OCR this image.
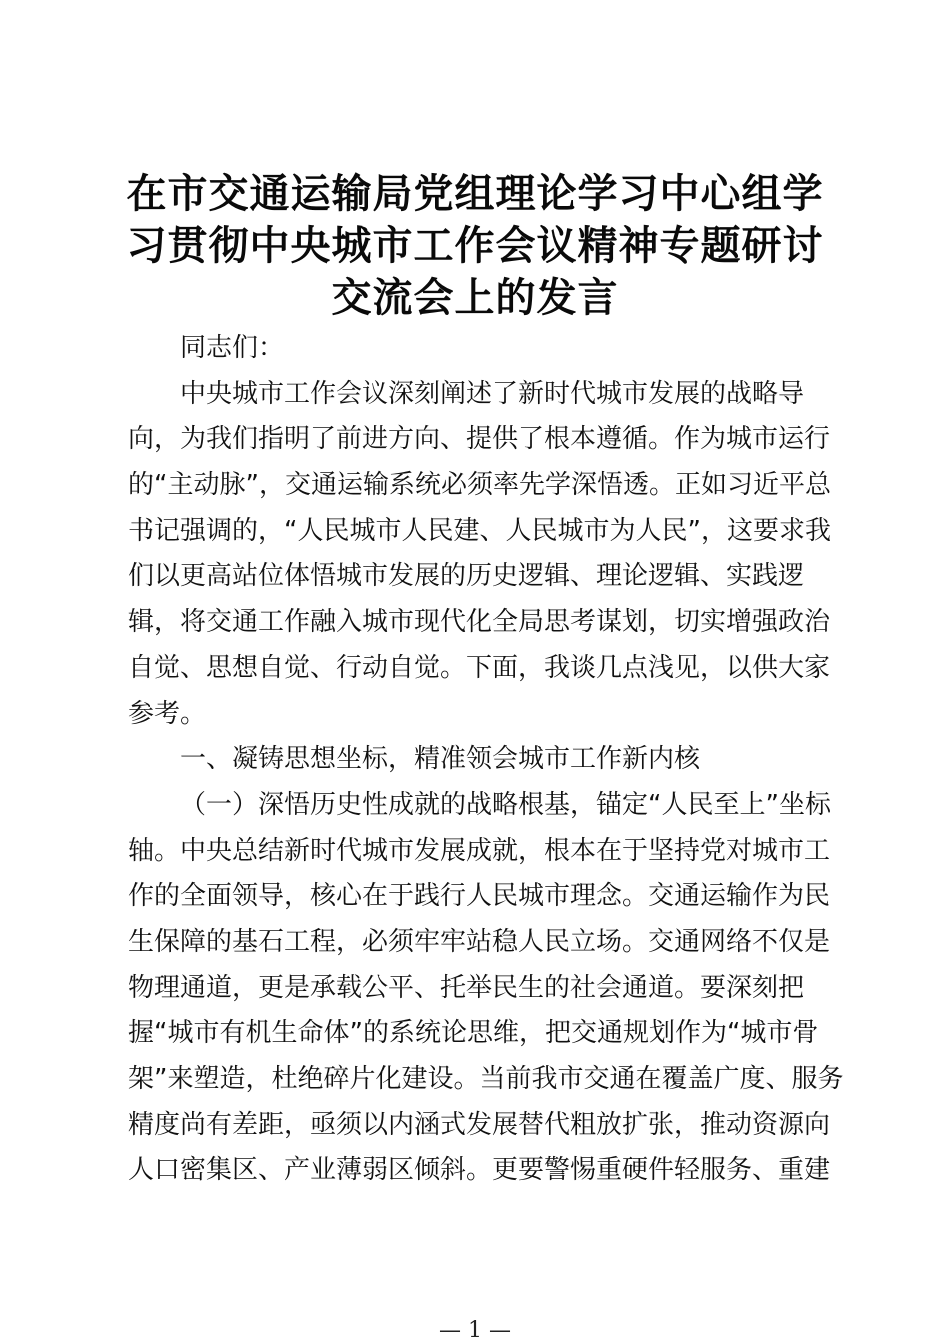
在市交通运输局党组理论学习中心组学
习贯彻中央城市工作会议精神专题研讨
交流会上的发言
同志们：
中央城市工作会议深刻阐述了新时代城市发展的战略导
向，为我们指明了前进方向、提供了根本遵循。作为城市运行
的“主动脉”，交通运输系统必须率先学深悟透。正如习近平总
书记强调的，“人民城市人民建、人民城市为人民”，这要求我
们以更高站位体悟城市发展的历史逻辑、理论逻辑、实践逻
辑，将交通工作融入城市现代化全局思考谋划，切实增强政治
自觉、思想自觉、行动自觉。下面，我谈几点浅见，以供大家
参考。
一、凝铸思想坐标，精准领会城市工作新内核
（一）深悟历史性成就的战略根基，锚定“人民至上”坐标
轴。中央总结新时代城市发展成就，根本在于坚持党对城市工
作的全面领导，核心在于践行人民城市理念。交通运输作为民
生保障的基石工程，必须牢牢站稳人民立场。交通网络不仅是
物理通道，更是承载公平、托举民生的社会通道。要深刻把
握“城市有机生命体”的系统论思维，把交通规划作为“城市骨
架”来塑造，杜绝碎片化建设。当前我市交通在覆盖广度、服务
精度尚有差距，亟须以内涵式发展替代粗放扩张，推动资源向
人口密集区、产业薄弱区倾斜。更要警惕重硬件轻服务、重建
— 1 —
